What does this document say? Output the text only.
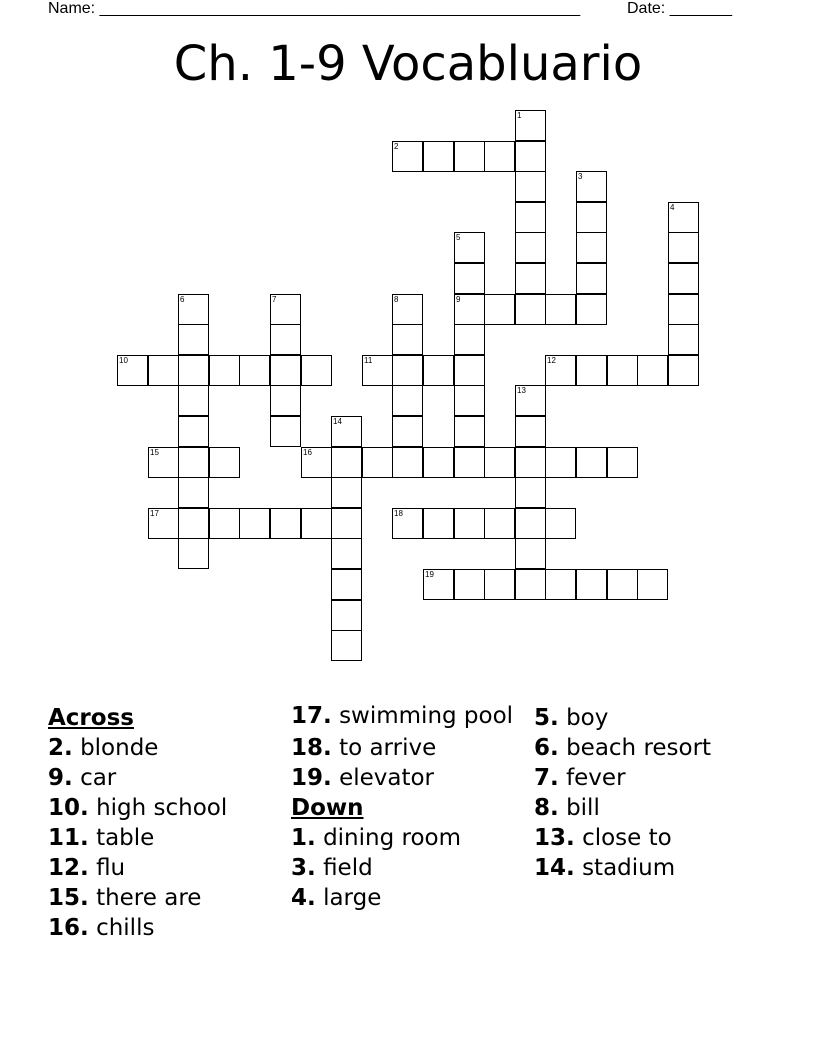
Name: ______________________________________________________	Date: _______
Ch. 1-9 Vocabluario
2
9
10	11	12
15	16
17	18
19
1
3
4
5
6	7	8
13
14
Across
2. blonde
9. car
10. high school
11. table
12. flu
15. there are
16. chills
17. swimming pool
18. to arrive
19. elevator
Down
1. dining room
3. field
4. large
5. boy
6. beach resort
7. fever
8. bill
13. close to
14. stadium
